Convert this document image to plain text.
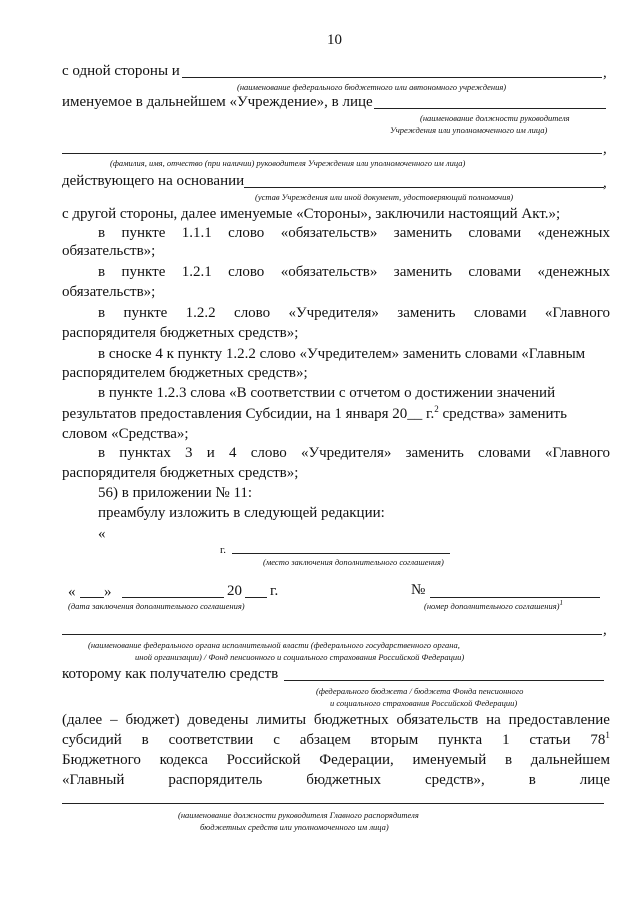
10
с одной стороны и	,
(наименование федерального бюджетного или автономного учреждения)
именуемое в дальнейшем «Учреждение», в лице
(наименование должности руководителя
Учреждения или уполномоченного им лица)
,
(фамилия, имя, отчество (при наличии) руководителя Учреждения или уполномоченного им лица)
действующего на основании	,
(устав Учреждения или иной документ, удостоверяющий полномочия)
с другой стороны, далее именуемые «Стороны», заключили настоящий Акт.»;
в пункте 1.1.1 слово «обязательств» заменить словами «денежных
обязательств»;
в пункте 1.2.1 слово «обязательств» заменить словами «денежных
обязательств»;
в пункте 1.2.2 слово «Учредителя» заменить словами «Главного
распорядителя бюджетных средств»;
в сноске 4 к пункту 1.2.2 слово «Учредителем» заменить словами «Главным
распорядителем бюджетных средств»;
в пункте 1.2.3 слова «В соответствии с отчетом о достижении значений
результатов предоставления Субсидии, на 1 января 20__ г.$^2$ средства» заменить
словом «Средства»;
в пунктах 3 и 4 слово «Учредителя» заменить словами «Главного
распорядителя бюджетных средств»;
56) в приложении № 11:
преамбулу изложить в следующей редакции:
«
г.
(место заключения дополнительного соглашения)
« »	20 г.
(дата заключения дополнительного соглашения)
№
(номер дополнительного соглашения)$^1$
,
(наименование федерального органа исполнительной власти (федерального государственного органа,
иной организации) / Фонд пенсионного и социального страхования Российской Федерации)
которому как получателю средств
(федерального бюджета / бюджета Фонда пенсионного
и социального страхования Российской Федерации)
(далее – бюджет) доведены лимиты бюджетных обязательств на предоставление
субсидий в соответствии с абзацем вторым пункта 1 статьи $78^1$
Бюджетного кодекса Российской Федерации, именуемый в дальнейшем
«Главный	распорядитель	бюджетных	средств»,	в	лице
(наименование должности руководителя Главного распорядителя
бюджетных средств или уполномоченного им лица)
